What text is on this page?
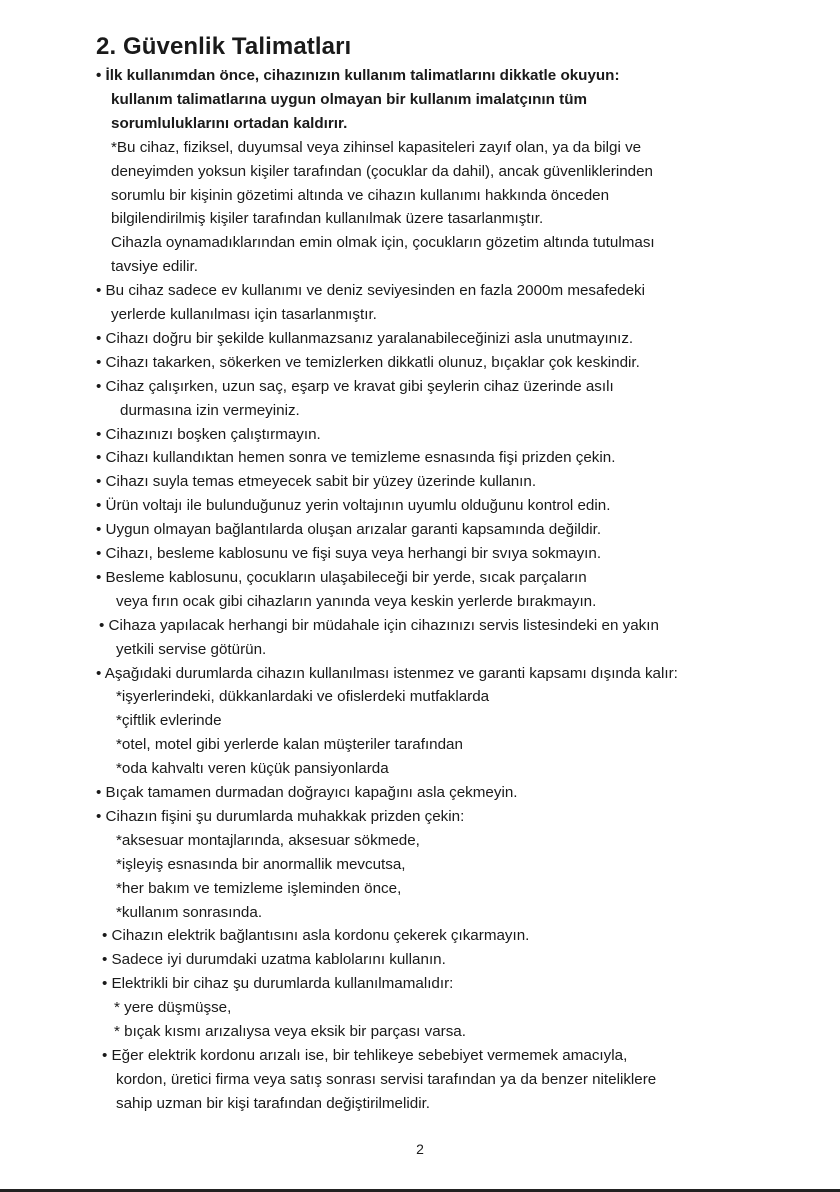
2. Güvenlik Talimatları
• İlk kullanımdan önce, cihazınızın kullanım talimatlarını dikkatle okuyun:
kullanım talimatlarına uygun olmayan bir kullanım imalatçının tüm
sorumluluklarını ortadan kaldırır.
*Bu cihaz, fiziksel, duyumsal veya zihinsel kapasiteleri zayıf olan, ya da bilgi ve
deneyimden yoksun kişiler tarafından (çocuklar da dahil), ancak güvenliklerinden
sorumlu bir kişinin gözetimi altında ve cihazın kullanımı hakkında önceden
bilgilendirilmiş kişiler tarafından kullanılmak üzere tasarlanmıştır.
Cihazla oynamadıklarından emin olmak için, çocukların gözetim altında tutulması
tavsiye edilir.
• Bu cihaz sadece ev kullanımı ve deniz seviyesinden en fazla 2000m mesafedeki
yerlerde kullanılması için tasarlanmıştır.
• Cihazı doğru bir şekilde kullanmazsanız yaralanabileceğinizi asla unutmayınız.
• Cihazı takarken, sökerken ve temizlerken dikkatli olunuz, bıçaklar çok keskindir.
• Cihaz çalışırken, uzun saç, eşarp ve kravat gibi şeylerin cihaz üzerinde asılı
durmasına izin vermeyiniz.
• Cihazınızı boşken çalıştırmayın.
• Cihazı kullandıktan hemen sonra ve temizleme esnasında fişi prizden çekin.
• Cihazı suyla temas etmeyecek sabit bir yüzey üzerinde kullanın.
• Ürün voltajı ile bulunduğunuz yerin voltajının uyumlu olduğunu kontrol edin.
• Uygun olmayan bağlantılarda oluşan arızalar garanti kapsamında değildir.
• Cihazı, besleme kablosunu ve fişi suya veya herhangi bir svıya sokmayın.
• Besleme kablosunu, çocukların ulaşabileceği bir yerde, sıcak parçaların
veya fırın ocak gibi cihazların yanında veya keskin yerlerde bırakmayın.
• Cihaza yapılacak herhangi bir müdahale için cihazınızı servis listesindeki en yakın
yetkili servise götürün.
• Aşağıdaki durumlarda cihazın kullanılması istenmez ve garanti kapsamı dışında kalır:
*işyerlerindeki, dükkanlardaki ve ofislerdeki mutfaklarda
*çiftlik evlerinde
*otel, motel gibi yerlerde kalan müşteriler tarafından
*oda kahvaltı veren küçük pansiyonlarda
• Bıçak tamamen durmadan doğrayıcı kapağını asla çekmeyin.
• Cihazın fişini şu durumlarda muhakkak prizden çekin:
*aksesuar montajlarında, aksesuar sökmede,
*işleyiş esnasında bir anormallik mevcutsa,
*her bakım ve temizleme işleminden önce,
*kullanım sonrasında.
• Cihazın elektrik bağlantısını asla kordonu çekerek çıkarmayın.
• Sadece iyi durumdaki uzatma kablolarını kullanın.
• Elektrikli bir cihaz şu durumlarda kullanılmamalıdır:
* yere düşmüşse,
* bıçak kısmı arızalıysa veya eksik bir parçası varsa.
• Eğer elektrik kordonu arızalı ise, bir tehlikeye sebebiyet vermemek amacıyla,
kordon, üretici firma veya satış sonrası servisi tarafından ya da benzer niteliklere
sahip uzman bir kişi tarafından değiştirilmelidir.
2
